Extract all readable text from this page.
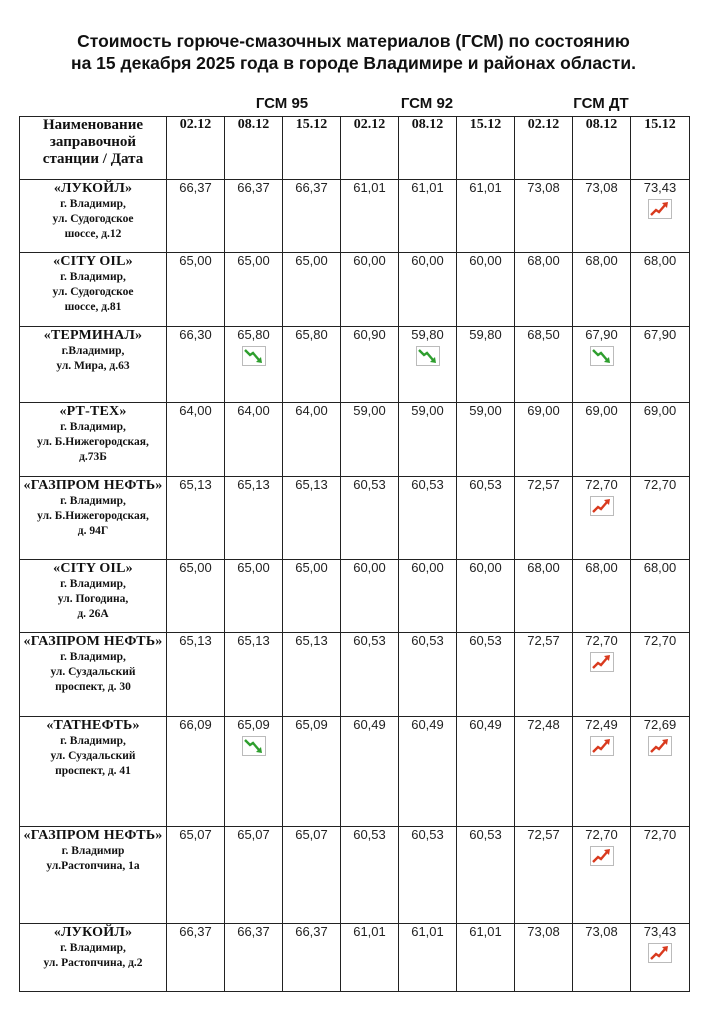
Стоимость горюче-смазочных материалов (ГСМ) по состоянию
на 15 декабря 2025 года в городе Владимире и районах области.
ГСМ 95	ГСМ 92	ГСМ ДТ
Наименование
заправочной
станции / Дата	02.12	08.12	15.12	02.12	08.12	15.12	02.12	08.12	15.12

«ЛУКОЙЛ»
г. Владимир,
ул. Судогодское
шоссе, д.12	66,37	66,37	66,37	61,01	61,01	61,01	73,08	73,08	73,43

«CITY OIL»
г. Владимир,
ул. Судогодское
шоссе, д.81	65,00	65,00	65,00	60,00	60,00	60,00	68,00	68,00	68,00

«ТЕРМИНАЛ»
г.Владимир,
ул. Мира, д.63	66,30	65,80	65,80	60,90	59,80	59,80	68,50	67,90	67,90

«РТ-ТЕХ»
г. Владимир,
ул. Б.Нижегородская,
д.73Б	64,00	64,00	64,00	59,00	59,00	59,00	69,00	69,00	69,00

«ГАЗПРОМ НЕФТЬ»
г. Владимир,
ул. Б.Нижегородская,
д. 94Г	65,13	65,13	65,13	60,53	60,53	60,53	72,57	72,70	72,70

«CITY OIL»
г. Владимир,
ул. Погодина,
д. 26А	65,00	65,00	65,00	60,00	60,00	60,00	68,00	68,00	68,00

«ГАЗПРОМ НЕФТЬ»
г. Владимир,
ул. Суздальский
проспект, д. 30	65,13	65,13	65,13	60,53	60,53	60,53	72,57	72,70	72,70

«ТАТНЕФТЬ»
г. Владимир,
ул. Суздальский
проспект, д. 41	66,09	65,09	65,09	60,49	60,49	60,49	72,48	72,49	72,69

«ГАЗПРОМ НЕФТЬ»
г. Владимир
ул.Растопчина, 1а	65,07	65,07	65,07	60,53	60,53	60,53	72,57	72,70	72,70

«ЛУКОЙЛ»
г. Владимир,
ул. Растопчина, д.2	66,37	66,37	66,37	61,01	61,01	61,01	73,08	73,08	73,43
